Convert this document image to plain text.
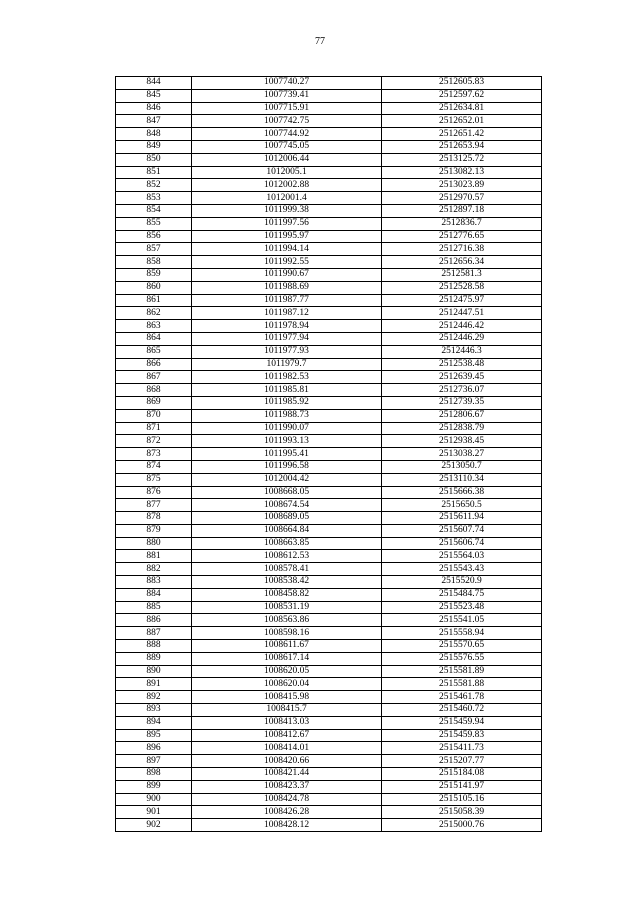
77
844	1007740.27	2512605.83
845	1007739.41	2512597.62
846	1007715.91	2512634.81
847	1007742.75	2512652.01
848	1007744.92	2512651.42
849	1007745.05	2512653.94
850	1012006.44	2513125.72
851	1012005.1	2513082.13
852	1012002.88	2513023.89
853	1012001.4	2512970.57
854	1011999.38	2512897.18
855	1011997.56	2512836.7
856	1011995.97	2512776.65
857	1011994.14	2512716.38
858	1011992.55	2512656.34
859	1011990.67	2512581.3
860	1011988.69	2512528.58
861	1011987.77	2512475.97
862	1011987.12	2512447.51
863	1011978.94	2512446.42
864	1011977.94	2512446.29
865	1011977.93	2512446.3
866	1011979.7	2512538.48
867	1011982.53	2512639.45
868	1011985.81	2512736.07
869	1011985.92	2512739.35
870	1011988.73	2512806.67
871	1011990.07	2512838.79
872	1011993.13	2512938.45
873	1011995.41	2513038.27
874	1011996.58	2513050.7
875	1012004.42	2513110.34
876	1008668.05	2515666.38
877	1008674.54	2515650.5
878	1008689.05	2515611.94
879	1008664.84	2515607.74
880	1008663.85	2515606.74
881	1008612.53	2515564.03
882	1008578.41	2515543.43
883	1008538.42	2515520.9
884	1008458.82	2515484.75
885	1008531.19	2515523.48
886	1008563.86	2515541.05
887	1008598.16	2515558.94
888	1008611.67	2515570.65
889	1008617.14	2515576.55
890	1008620.05	2515581.89
891	1008620.04	2515581.88
892	1008415.98	2515461.78
893	1008415.7	2515460.72
894	1008413.03	2515459.94
895	1008412.67	2515459.83
896	1008414.01	2515411.73
897	1008420.66	2515207.77
898	1008421.44	2515184.08
899	1008423.37	2515141.97
900	1008424.78	2515105.16
901	1008426.28	2515058.39
902	1008428.12	2515000.76
